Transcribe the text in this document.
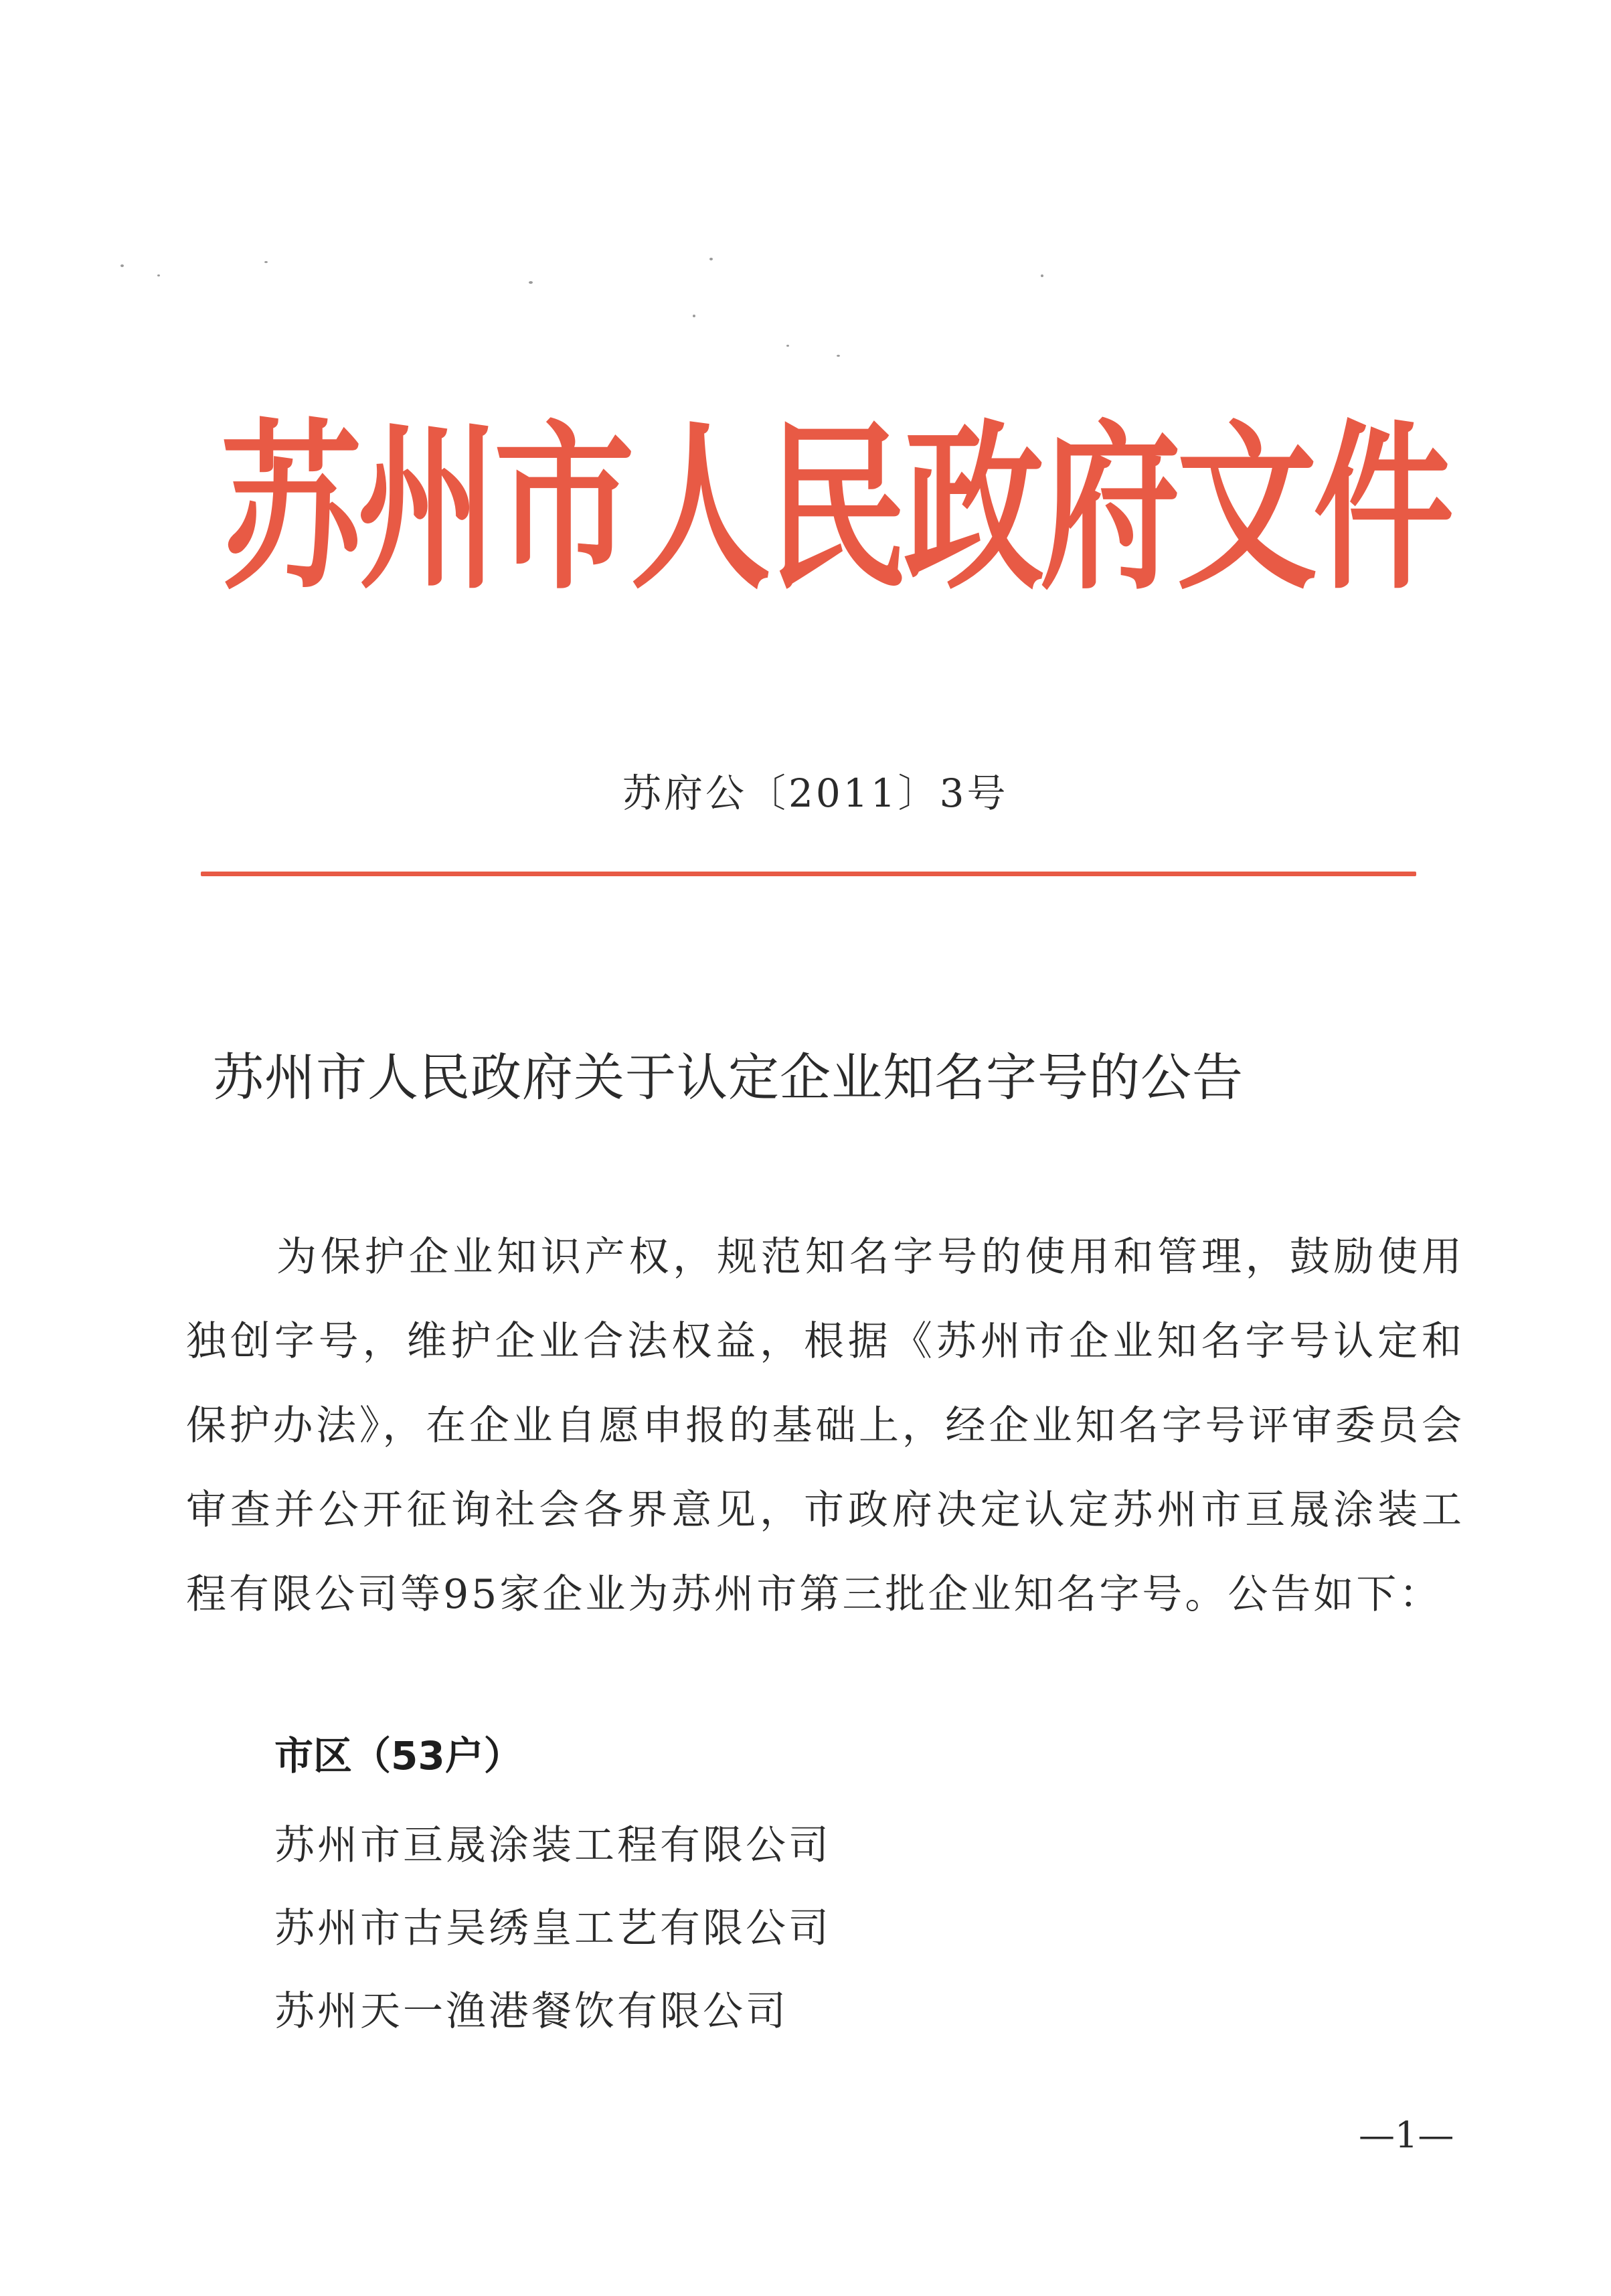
苏州市人民政府文件
苏府公〔2011〕3号
苏州市人民政府关于认定企业知名字号的公告

为保护企业知识产权，规范知名字号的使用和管理，鼓励使用独创字号，维护企业合法权益，根据《苏州市企业知名字号认定和保护办法》，在企业自愿申报的基础上，经企业知名字号评审委员会审查并公开征询社会各界意见，市政府决定认定苏州市亘晟涂装工程有限公司等95家企业为苏州市第三批企业知名字号。公告如下：

市区（53户）
苏州市亘晟涂装工程有限公司
苏州市古吴绣皇工艺有限公司
苏州天一渔港餐饮有限公司
—1—
